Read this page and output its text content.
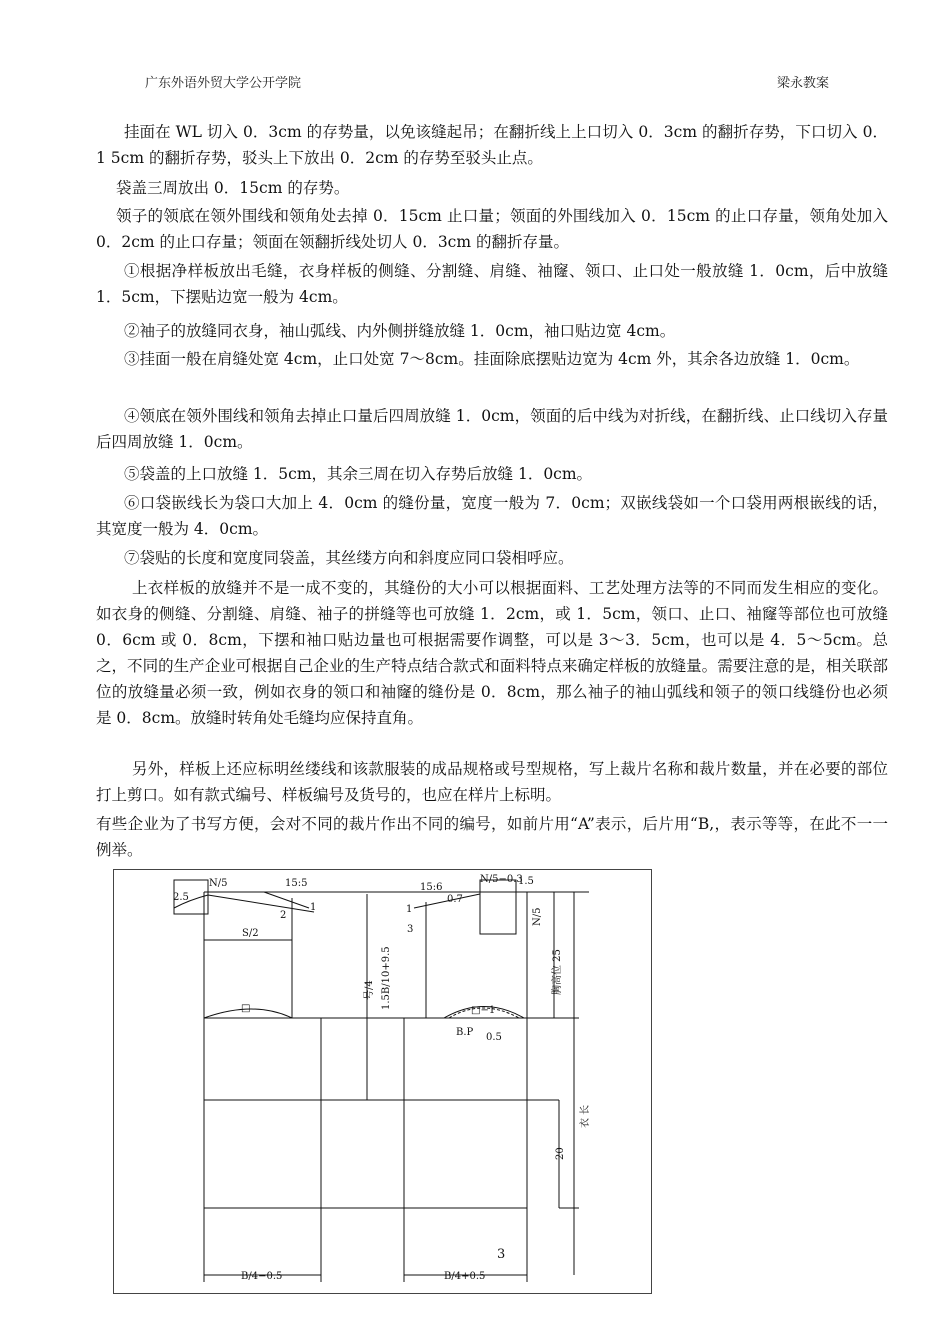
广东外语外贸大学公开学院	梁永教案
挂面在 WL 切入 0．3cm 的存势量，以免该缝起吊；在翻折线上上口切入 0．3cm 的翻折存势，下口切入 0．1 5cm 的翻折存势，驳头上下放出 0．2cm 的存势至驳头止点。
袋盖三周放出 0．15cm 的存势。
领子的领底在领外围线和领角处去掉 0．15cm 止口量；领面的外围线加入 0．15cm 的止口存量，领角处加入 0．2cm 的止口存量；领面在领翻折线处切人 0．3cm 的翻折存量。
①根据净样板放出毛缝，衣身样板的侧缝、分割缝、肩缝、袖窿、领口、止口处一般放缝 1．0cm，后中放缝 1．5cm，下摆贴边宽一般为 4cm。
②袖子的放缝同衣身，袖山弧线、内外侧拼缝放缝 1．0cm，袖口贴边宽 4cm。
③挂面一般在肩缝处宽 4cm，止口处宽 7～8cm。挂面除底摆贴边宽为 4cm 外，其余各边放缝 1．0cm。
④领底在领外围线和领角去掉止口量后四周放缝 1．0cm，领面的后中线为对折线，在翻折线、止口线切入存量后四周放缝 1．0cm。
⑤袋盖的上口放缝 1．5cm，其余三周在切入存势后放缝 1．0cm。
⑥口袋嵌线长为袋口大加上 4．0cm 的缝份量，宽度一般为 7．0cm；双嵌线袋如一个口袋用两根嵌线的话，其宽度一般为 4．0cm。
⑦袋贴的长度和宽度同袋盖，其丝缕方向和斜度应同口袋相呼应。
上衣样板的放缝并不是一成不变的，其缝份的大小可以根据面料、工艺处理方法等的不同而发生相应的变化。如衣身的侧缝、分割缝、肩缝、袖子的拼缝等也可放缝 1．2cm，或 1．5cm，领口、止口、袖窿等部位也可放缝 0．6cm 或 0．8cm，下摆和袖口贴边量也可根据需要作调整，可以是 3～3．5cm，也可以是 4．5～5cm。总之，不同的生产企业可根据自己企业的生产特点结合款式和面料特点来确定样板的放缝量。需要注意的是，相关联部位的放缝量必须一致，例如衣身的领口和袖窿的缝份是 0．8cm，那么袖子的袖山弧线和领子的领口线缝份也必须是 0．8cm。放缝时转角处毛缝均应保持直角。
另外，样板上还应标明丝缕线和该款服装的成品规格或号型规格，写上裁片名称和裁片数量，并在必要的部位打上剪口。如有款式编号、样板编号及货号的，也应在样片上标明。
有些企业为了书写方便，会对不同的裁片作出不同的编号，如前片用“A”表示，后片用“B,，表示等等，在此不一一例举。
N/5	N/5−0.3
1.5
15:5	15:6
2.5
1
2
1
3
0.7
S/2
□	□−1
B.P 0.5
N/5
胸高位 25
1.5B/10+9.5
号/4
衣 长
20
B/4−0.5	B/4+0.5
3
